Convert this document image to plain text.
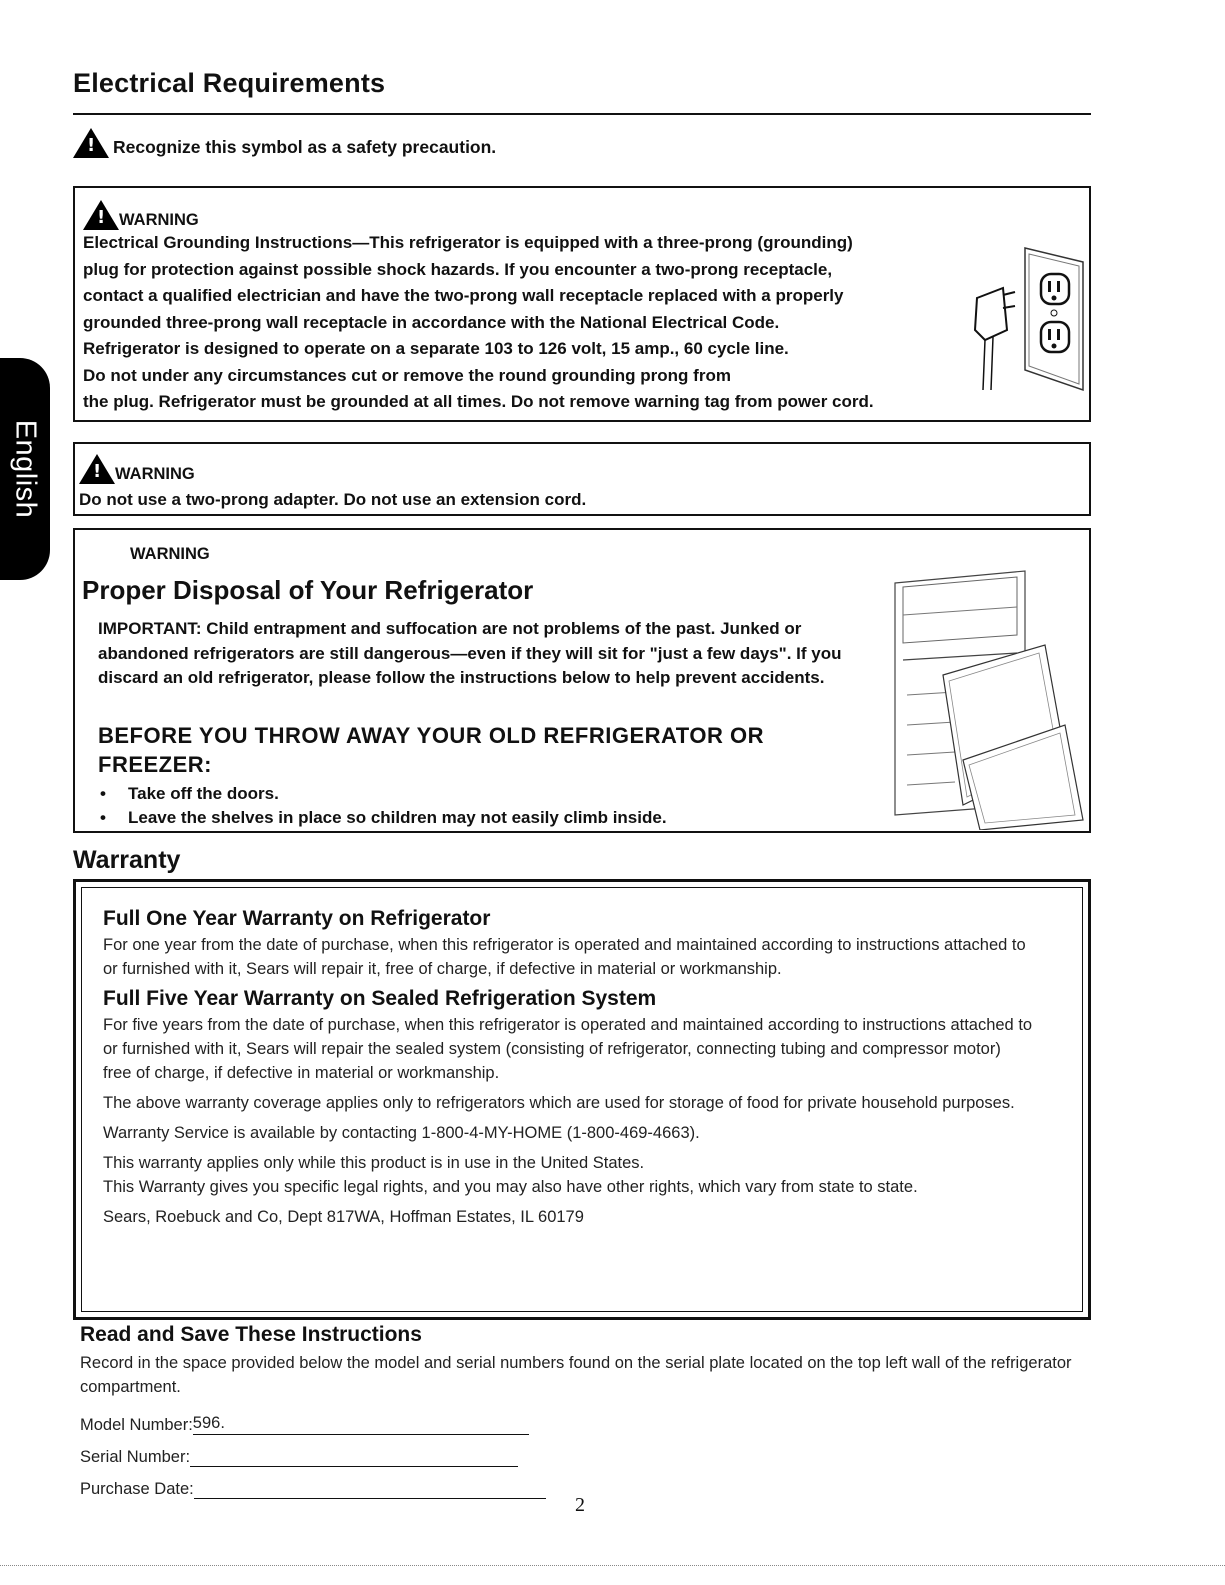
Electrical Requirements
!Recognize this symbol as a safety precaution.
!WARNING
Electrical Grounding Instructions—This refrigerator is equipped with a three-prong (grounding)
plug for protection against possible shock hazards. If you encounter a two-prong receptacle,
contact a qualified electrician and have the two-prong wall receptacle replaced with a properly
grounded three-prong wall receptacle in accordance with the National Electrical Code.
Refrigerator is designed to operate on a separate 103 to 126 volt, 15 amp., 60 cycle line.
Do not under any circumstances cut or remove the round grounding prong from
the plug. Refrigerator must be grounded at all times. Do not remove warning tag from power cord.
!WARNING
Do not use a two-prong adapter. Do not use an extension cord.
WARNING
Proper Disposal of Your Refrigerator
IMPORTANT: Child entrapment and suffocation are not problems of the past. Junked or abandoned refrigerators are still dangerous—even if they will sit for "just a few days". If you discard an old refrigerator, please follow the instructions below to help prevent accidents.
BEFORE YOU THROW AWAY YOUR OLD REFRIGERATOR OR FREEZER:
• Take off the doors.
• Leave the shelves in place so children may not easily climb inside.
English
Warranty
Full One Year Warranty on Refrigerator
For one year from the date of purchase, when this refrigerator is operated and maintained according to instructions attached to or furnished with it, Sears will repair it, free of charge, if defective in material or workmanship.
Full Five Year Warranty on Sealed Refrigeration System
For five years from the date of purchase, when this refrigerator is operated and maintained according to instructions attached to or furnished with it, Sears will repair the sealed system (consisting of refrigerator, connecting tubing and compressor motor) free of charge, if defective in material or workmanship.
The above warranty coverage applies only to refrigerators which are used for storage of food for private household purposes.
Warranty Service is available by contacting 1-800-4-MY-HOME (1-800-469-4663).
This warranty applies only while this product is in use in the United States.
This Warranty gives you specific legal rights, and you may also have other rights, which vary from state to state.
Sears, Roebuck and Co, Dept 817WA, Hoffman Estates, IL 60179
Read and Save These Instructions
Record in the space provided below the model and serial numbers found on the serial plate located on the top left wall of the refrigerator compartment.
Model Number:596.
Serial Number:
Purchase Date:
2
